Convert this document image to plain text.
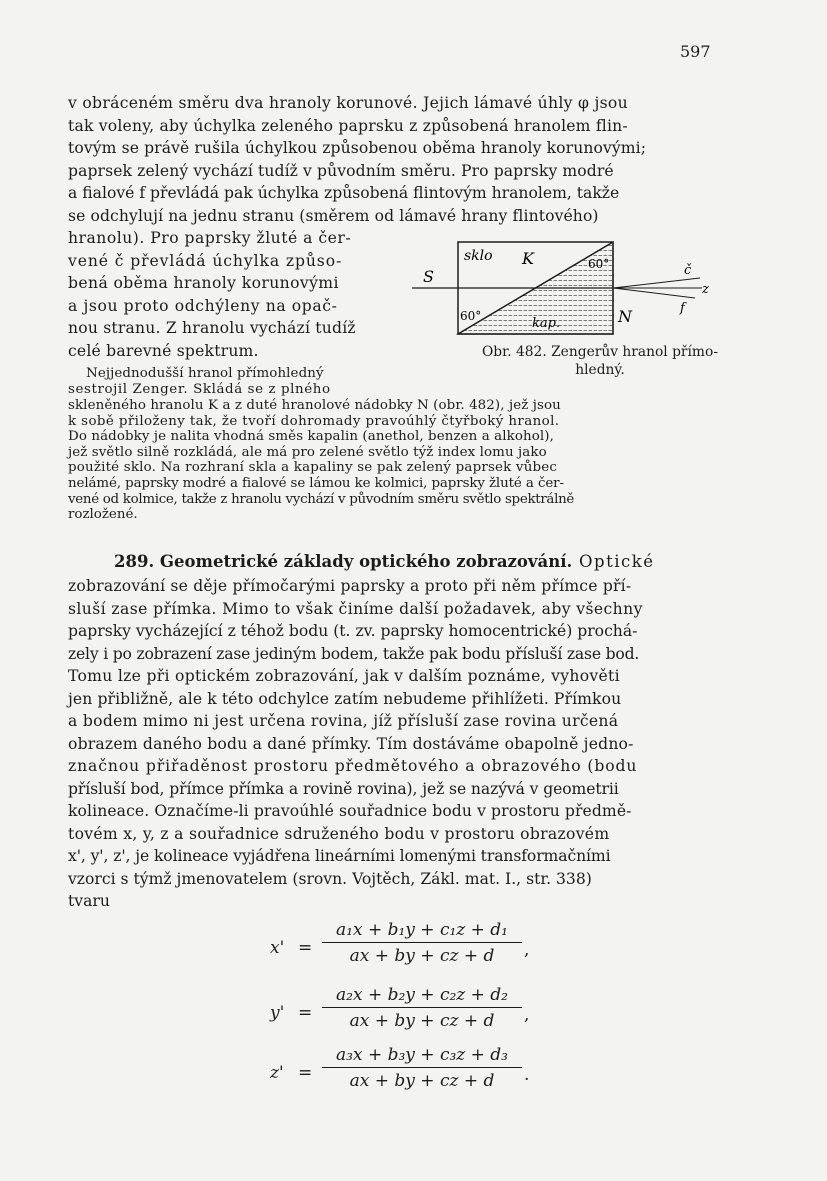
597
v obráceném směru dva hranoly korunové. Jejich lámavé úhly φ jsou
tak voleny, aby úchylka zeleného paprsku z způsobená hranolem flin-
tovým se právě rušila úchylkou způsobenou oběma hranoly korunovými;
paprsek zelený vychází tudíž v původním směru. Pro paprsky modré
a fialové f převládá pak úchylka způsobená flintovým hranolem, takže
se odchylují na jednu stranu (směrem od lámavé hrany flintového)
hranolu). Pro paprsky žluté a čer-
vené č převládá úchylka způso-
bená oběma hranoly korunovými
a jsou proto odchýleny na opač-
nou stranu. Z hranolu vychází tudíž
celé barevné spektrum.
sklo K	60°
S
60°	kap.	N
č
z
f
Obr. 482. Zengerův hranol přímo-
hledný.
Nejjednodušší hranol přímohledný
sestrojil Zenger. Skládá se z plného
skleněného hranolu K a z duté hranolové nádobky N (obr. 482), jež jsou
k sobě přiloženy tak, že tvoří dohromady pravoúhlý čtyřboký hranol.
Do nádobky je nalita vhodná směs kapalin (anethol, benzen a alkohol),
jež světlo silně rozkládá, ale má pro zelené světlo týž index lomu jako
použité sklo. Na rozhraní skla a kapaliny se pak zelený paprsek vůbec
nelámé, paprsky modré a fialové se lámou ke kolmici, paprsky žluté a čer-
vené od kolmice, takže z hranolu vychází v původním směru světlo spektrálně
rozložené.
289. Geometrické základy optického zobrazování. Optické
zobrazování se děje přímočarými paprsky a proto při něm přímce pří-
sluší zase přímka. Mimo to však činíme další požadavek, aby všechny
paprsky vycházející z téhož bodu (t. zv. paprsky homocentrické) prochá-
zely i po zobrazení zase jediným bodem, takže pak bodu přísluší zase bod.
Tomu lze při optickém zobrazování, jak v dalším poznáme, vyhověti
jen přibližně, ale k této odchylce zatím nebudeme přihlížeti. Přímkou
a bodem mimo ni jest určena rovina, jíž přísluší zase rovina určená
obrazem daného bodu a dané přímky. Tím dostáváme obapolně jedno-
značnou přiřaděnost prostoru předmětového a obrazového (bodu
přísluší bod, přímce přímka a rovině rovina), jež se nazývá v geometrii
kolineace. Označíme-li pravoúhlé souřadnice bodu v prostoru předmě-
tovém x, y, z a souřadnice sdruženého bodu v prostoru obrazovém
x', y', z', je kolineace vyjádřena lineárními lomenými transformačními
vzorci s týmž jmenovatelem (srovn. Vojtěch, Zákl. mat. I., str. 338)
tvaru
$x' = \frac{\text{a₁x + b₁y + c₁z + d₁}}{ax + by + cz + d}$ ,
$y' = \frac{\text{a₂x + b₂y + c₂z + d₂}}{ax + by + cz + d}$ ,
$z' = \frac{\text{a₃x + b₃y + c₃z + d₃}}{ax + by + cz + d}$ .
